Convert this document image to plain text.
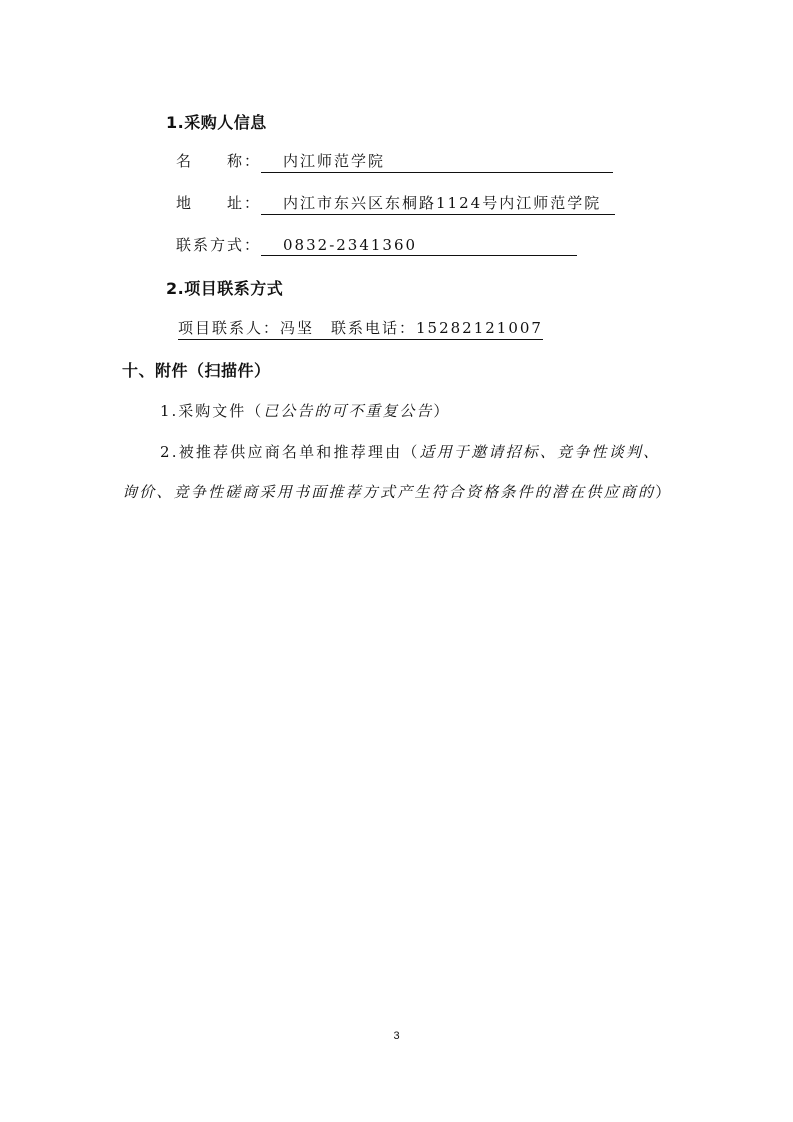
1.采购人信息
名　　称： 内江师范学院
地　　址： 内江市东兴区东桐路1124号内江师范学院
联系方式： 0832-2341360
2.项目联系方式
项目联系人：冯坚　联系电话：15282121007
十、附件（扫描件）
1.采购文件（已公告的可不重复公告）
2.被推荐供应商名单和推荐理由（适用于邀请招标、竞争性谈判、询价、竞争性磋商采用书面推荐方式产生符合资格条件的潜在供应商的）
3
